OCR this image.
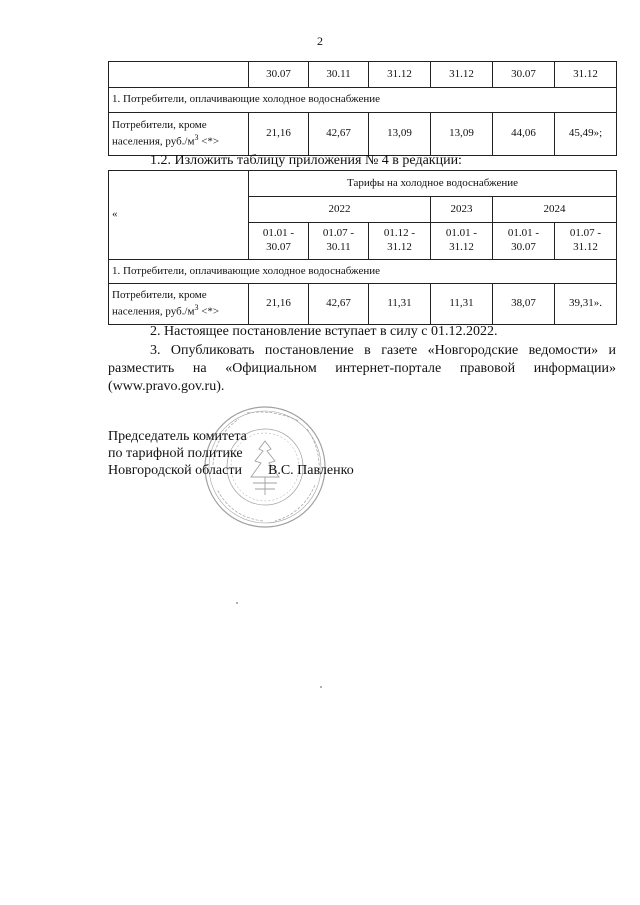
2
	30.07	30.11	31.12	31.12	30.07	31.12
1. Потребители, оплачивающие холодное водоснабжение						
Потребители, кроме населения, $руб./м^3$ <*>	21,16	42,67	13,09	13,09	44,06	45,49»;
1.2. Изложить таблицу приложения № 4 в редакции:
«	Тарифы на холодное водоснабжение					
	2022			2023	2024	
	01.01 - 30.07	01.07 - 30.11	01.12 - 31.12	01.01 - 31.12	01.01 - 30.07	01.07 - 31.12
1. Потребители, оплачивающие холодное водоснабжение						
Потребители, кроме населения, $руб./м^3$ <*>	21,16	42,67	11,31	11,31	38,07	39,31».
2. Настоящее постановление вступает в силу с 01.12.2022.
3. Опубликовать постановление в газете «Новгородские ведомости» и
разместить на «Официальном интернет-портале правовой информации»
(www.pravo.gov.ru).
Председатель комитета
по тарифной политике
Новгородской области В.С. Павленко
